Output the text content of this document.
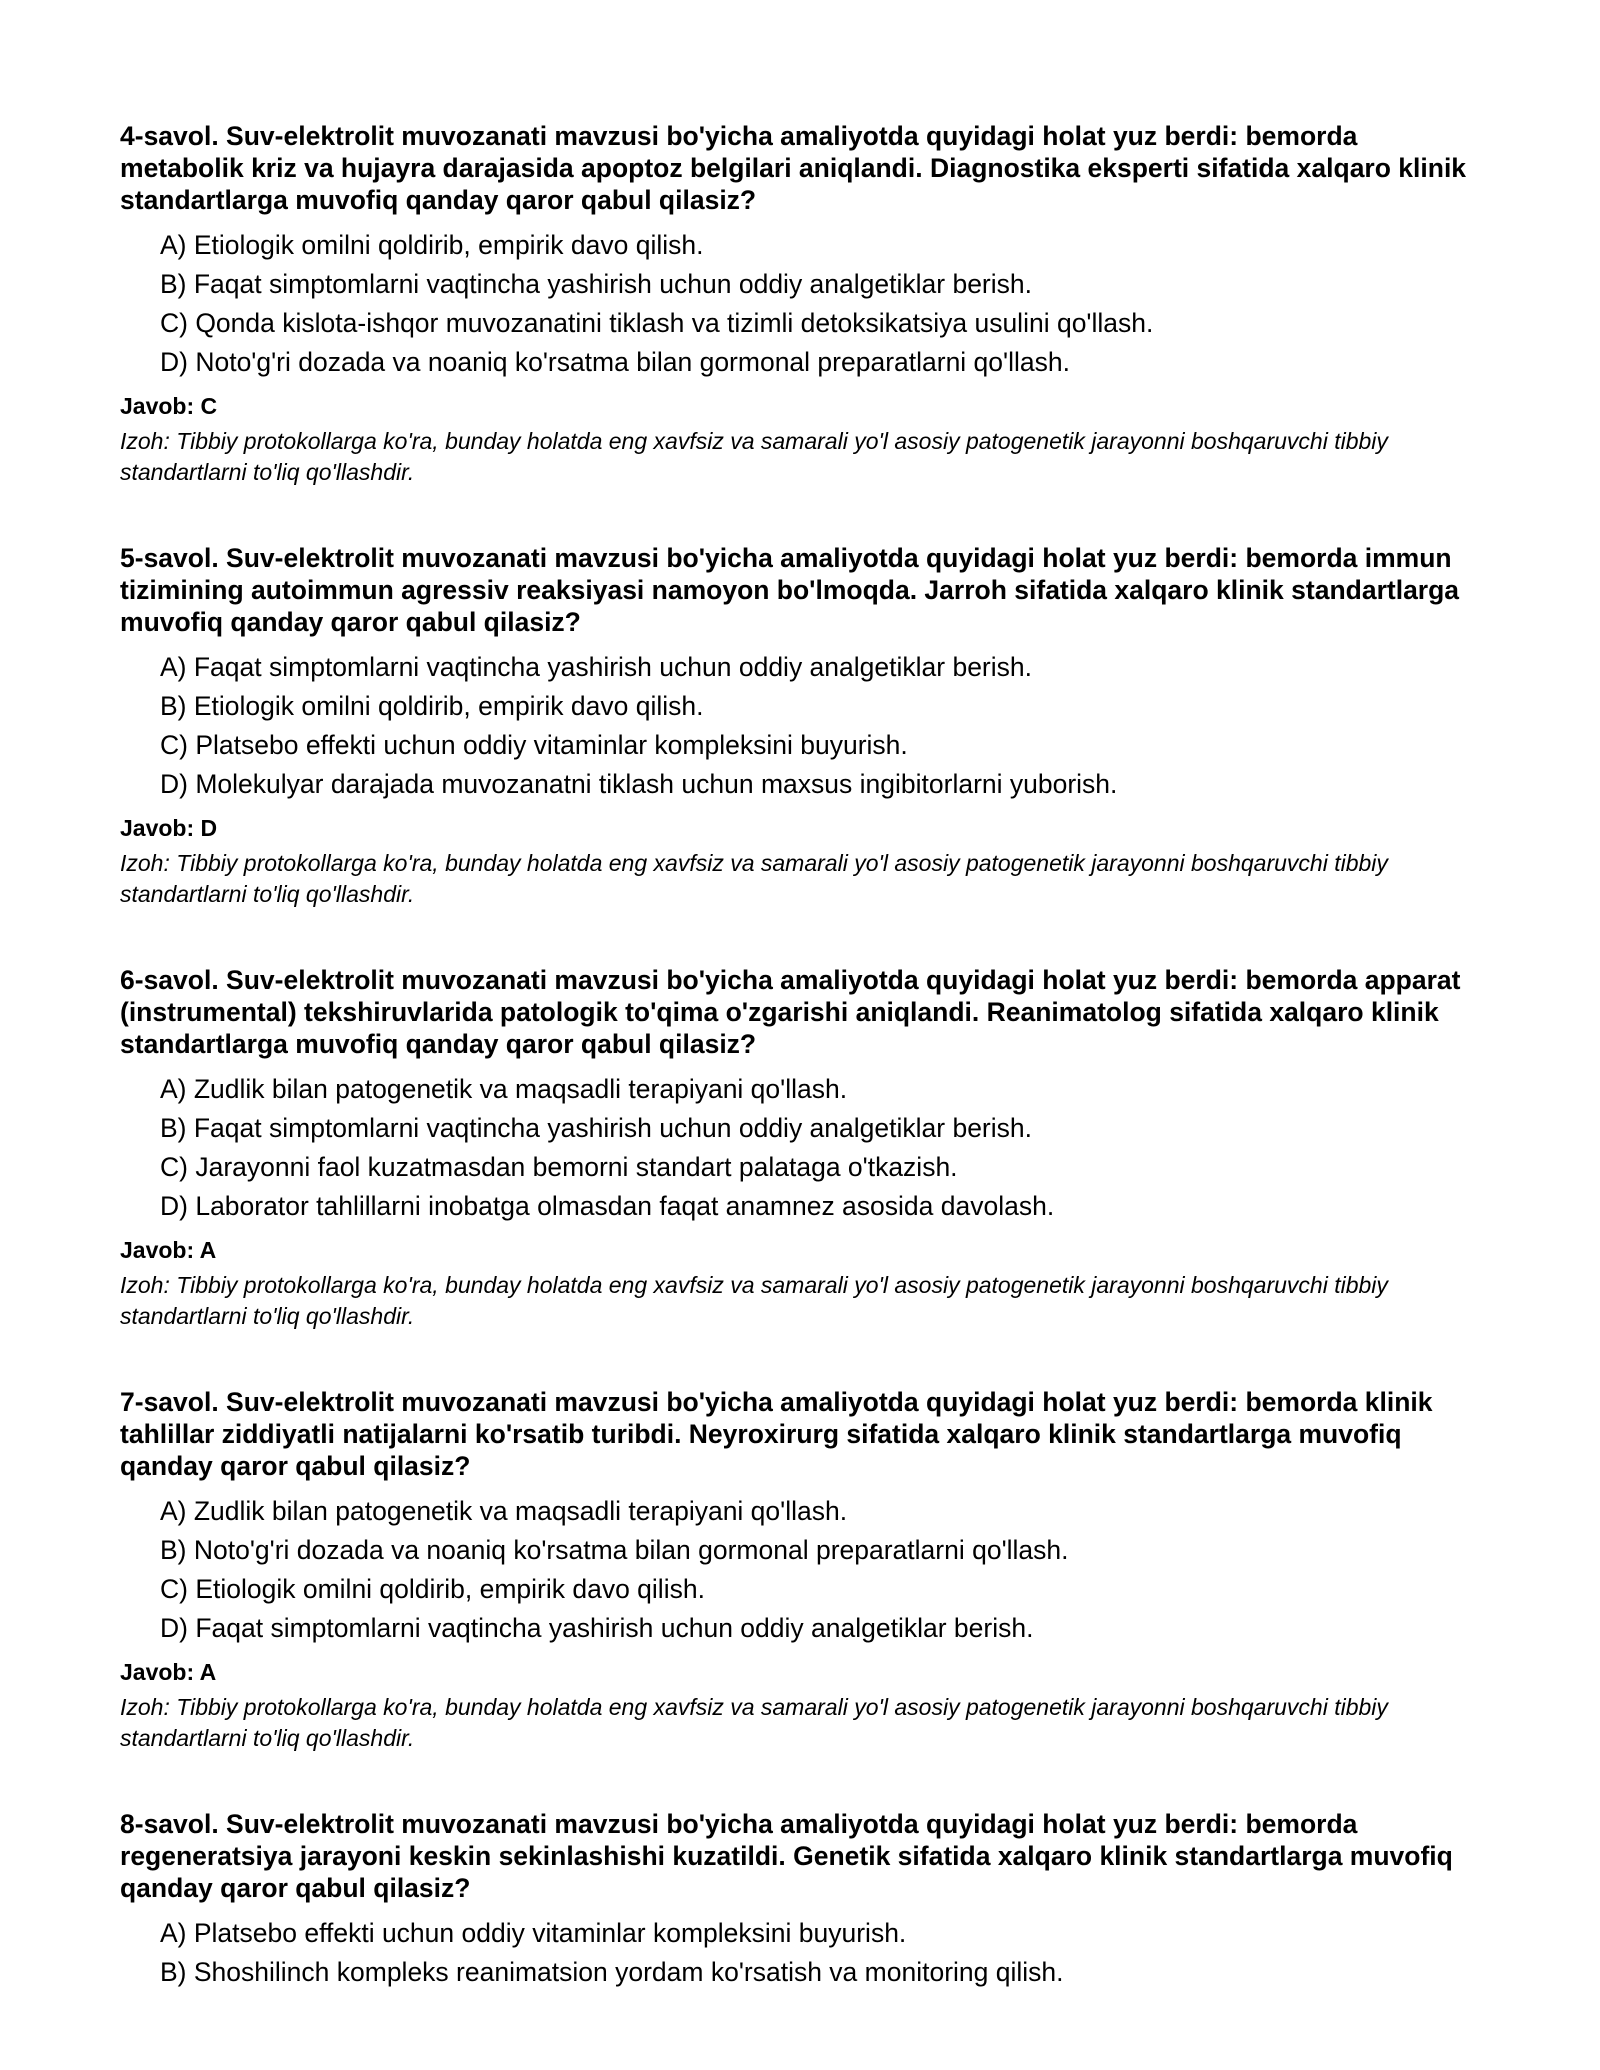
4-savol. Suv-elektrolit muvozanati mavzusi bo'yicha amaliyotda quyidagi holat yuz berdi: bemorda metabolik kriz va hujayra darajasida apoptoz belgilari aniqlandi. Diagnostika eksperti sifatida xalqaro klinik standartlarga muvofiq qanday qaror qabul qilasiz?

A) Etiologik omilni qoldirib, empirik davo qilish.
B) Faqat simptomlarni vaqtincha yashirish uchun oddiy analgetiklar berish.
C) Qonda kislota-ishqor muvozanatini tiklash va tizimli detoksikatsiya usulini qo'llash.
D) Noto'g'ri dozada va noaniq ko'rsatma bilan gormonal preparatlarni qo'llash.
Javob: C
Izoh: Tibbiy protokollarga ko'ra, bunday holatda eng xavfsiz va samarali yo'l asosiy patogenetik jarayonni boshqaruvchi tibbiy standartlarni to'liq qo'llashdir.

5-savol. Suv-elektrolit muvozanati mavzusi bo'yicha amaliyotda quyidagi holat yuz berdi: bemorda immun tizimining autoimmun agressiv reaksiyasi namoyon bo'lmoqda. Jarroh sifatida xalqaro klinik standartlarga muvofiq qanday qaror qabul qilasiz?

A) Faqat simptomlarni vaqtincha yashirish uchun oddiy analgetiklar berish.
B) Etiologik omilni qoldirib, empirik davo qilish.
C) Platsebo effekti uchun oddiy vitaminlar kompleksini buyurish.
D) Molekulyar darajada muvozanatni tiklash uchun maxsus ingibitorlarni yuborish.
Javob: D
Izoh: Tibbiy protokollarga ko'ra, bunday holatda eng xavfsiz va samarali yo'l asosiy patogenetik jarayonni boshqaruvchi tibbiy standartlarni to'liq qo'llashdir.

6-savol. Suv-elektrolit muvozanati mavzusi bo'yicha amaliyotda quyidagi holat yuz berdi: bemorda apparat (instrumental) tekshiruvlarida patologik to'qima o'zgarishi aniqlandi. Reanimatolog sifatida xalqaro klinik standartlarga muvofiq qanday qaror qabul qilasiz?

A) Zudlik bilan patogenetik va maqsadli terapiyani qo'llash.
B) Faqat simptomlarni vaqtincha yashirish uchun oddiy analgetiklar berish.
C) Jarayonni faol kuzatmasdan bemorni standart palataga o'tkazish.
D) Laborator tahlillarni inobatga olmasdan faqat anamnez asosida davolash.
Javob: A
Izoh: Tibbiy protokollarga ko'ra, bunday holatda eng xavfsiz va samarali yo'l asosiy patogenetik jarayonni boshqaruvchi tibbiy standartlarni to'liq qo'llashdir.

7-savol. Suv-elektrolit muvozanati mavzusi bo'yicha amaliyotda quyidagi holat yuz berdi: bemorda klinik tahlillar ziddiyatli natijalarni ko'rsatib turibdi. Neyroxirurg sifatida xalqaro klinik standartlarga muvofiq qanday qaror qabul qilasiz?

A) Zudlik bilan patogenetik va maqsadli terapiyani qo'llash.
B) Noto'g'ri dozada va noaniq ko'rsatma bilan gormonal preparatlarni qo'llash.
C) Etiologik omilni qoldirib, empirik davo qilish.
D) Faqat simptomlarni vaqtincha yashirish uchun oddiy analgetiklar berish.
Javob: A
Izoh: Tibbiy protokollarga ko'ra, bunday holatda eng xavfsiz va samarali yo'l asosiy patogenetik jarayonni boshqaruvchi tibbiy standartlarni to'liq qo'llashdir.

8-savol. Suv-elektrolit muvozanati mavzusi bo'yicha amaliyotda quyidagi holat yuz berdi: bemorda regeneratsiya jarayoni keskin sekinlashishi kuzatildi. Genetik sifatida xalqaro klinik standartlarga muvofiq qanday qaror qabul qilasiz?

A) Platsebo effekti uchun oddiy vitaminlar kompleksini buyurish.
B) Shoshilinch kompleks reanimatsion yordam ko'rsatish va monitoring qilish.
